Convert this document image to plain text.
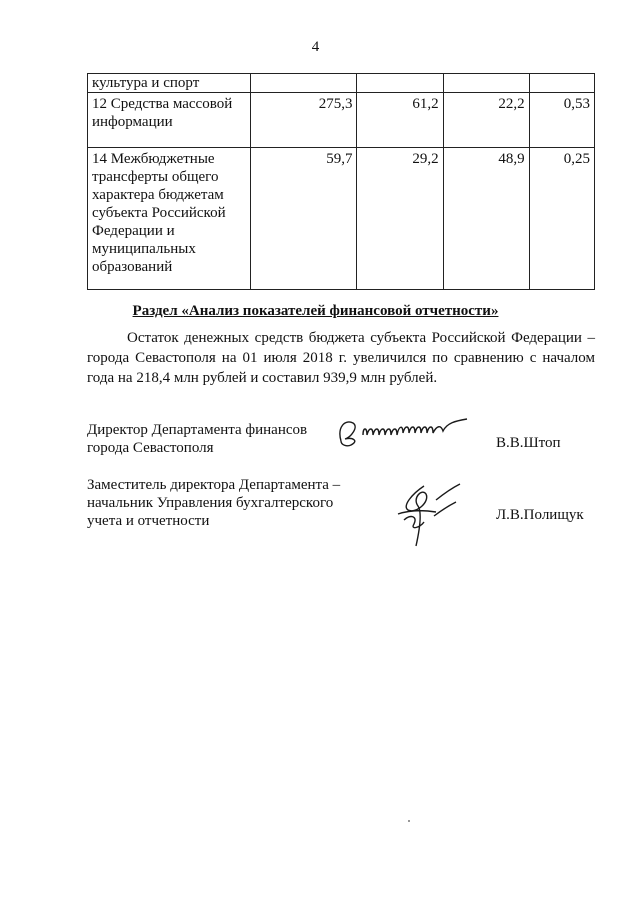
4
культура и спорт				
12 Средства массовой информации	275,3	61,2	22,2	0,53
14 Межбюджетные трансферты общего характера бюджетам субъекта Российской Федерации и муниципальных образований	59,7	29,2	48,9	0,25
Раздел «Анализ показателей финансовой отчетности»
Остаток денежных средств бюджета субъекта Российской Федерации – города Севастополя на 01 июля 2018 г. увеличился по сравнению с началом года на 218,4 млн рублей и составил 939,9 млн рублей.
Директор Департамента финансов
города Севастополя	В.В.Штоп
Заместитель директора Департамента –
начальник Управления бухгалтерского
учета и отчетности	Л.В.Полищук
